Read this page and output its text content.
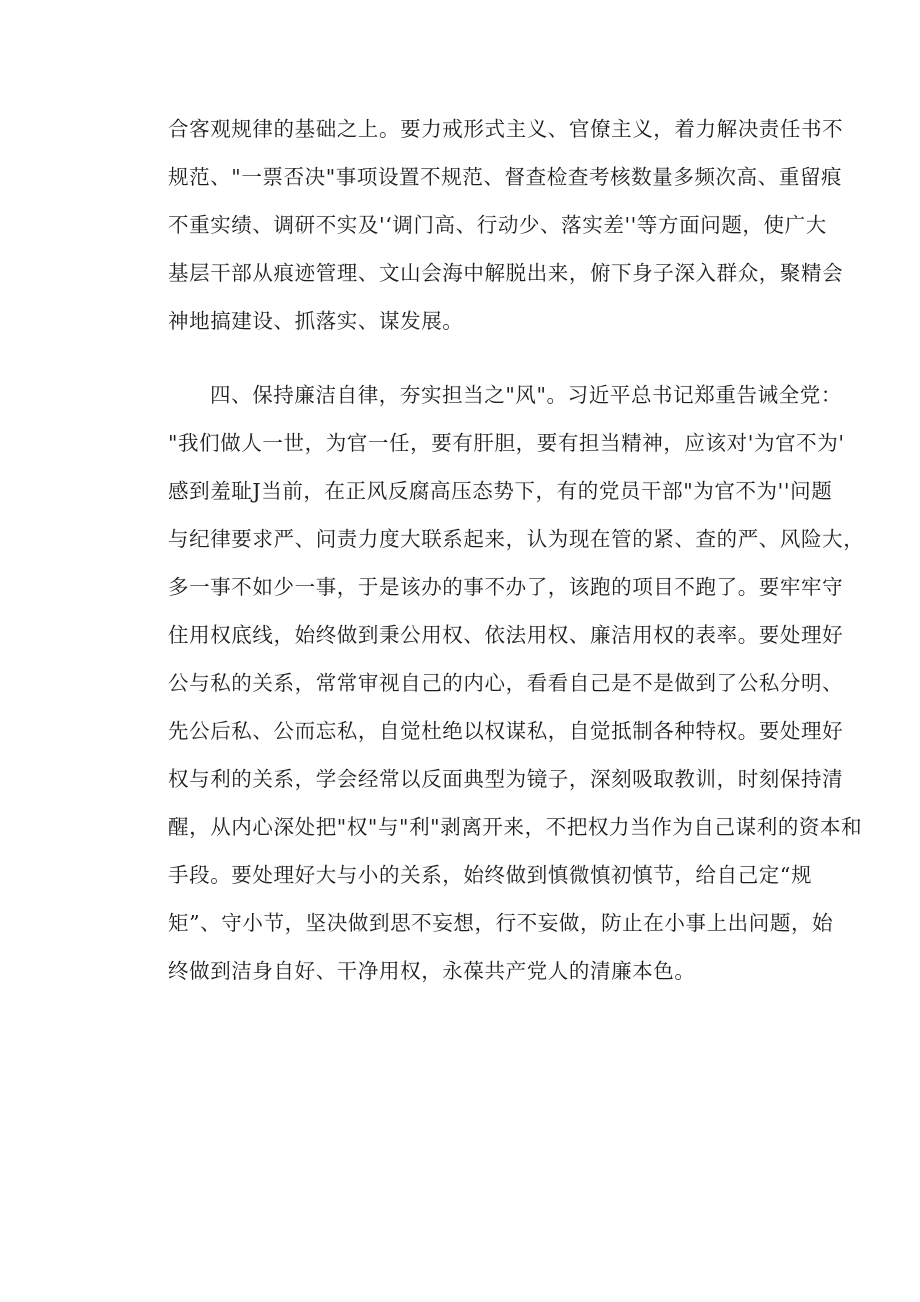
合客观规律的基础之上。要力戒形式主义、官僚主义，着力解决责任书不
规范、"一票否决"事项设置不规范、督查检查考核数量多频次高、重留痕
不重实绩、调研不实及'‘调门高、行动少、落实差''等方面问题，使广大
基层干部从痕迹管理、文山会海中解脱出来，俯下身子深入群众，聚精会
神地搞建设、抓落实、谋发展。
四、保持廉洁自律，夯实担当之"风"。习近平总书记郑重告诫全党：
"我们做人一世，为官一任，要有肝胆，要有担当精神，应该对'为官不为'
感到羞耻J当前，在正风反腐高压态势下，有的党员干部"为官不为''问题
与纪律要求严、问责力度大联系起来，认为现在管的紧、查的严、风险大，
多一事不如少一事，于是该办的事不办了，该跑的项目不跑了。要牢牢守
住用权底线，始终做到秉公用权、依法用权、廉洁用权的表率。要处理好
公与私的关系，常常审视自己的内心，看看自己是不是做到了公私分明、
先公后私、公而忘私，自觉杜绝以权谋私，自觉抵制各种特权。要处理好
权与利的关系，学会经常以反面典型为镜子，深刻吸取教训，时刻保持清
醒，从内心深处把"权"与"利"剥离开来，不把权力当作为自己谋利的资本和
手段。要处理好大与小的关系，始终做到慎微慎初慎节，给自己定“规
矩”、守小节，坚决做到思不妄想，行不妄做，防止在小事上出问题，始
终做到洁身自好、干净用权，永葆共产党人的清廉本色。
